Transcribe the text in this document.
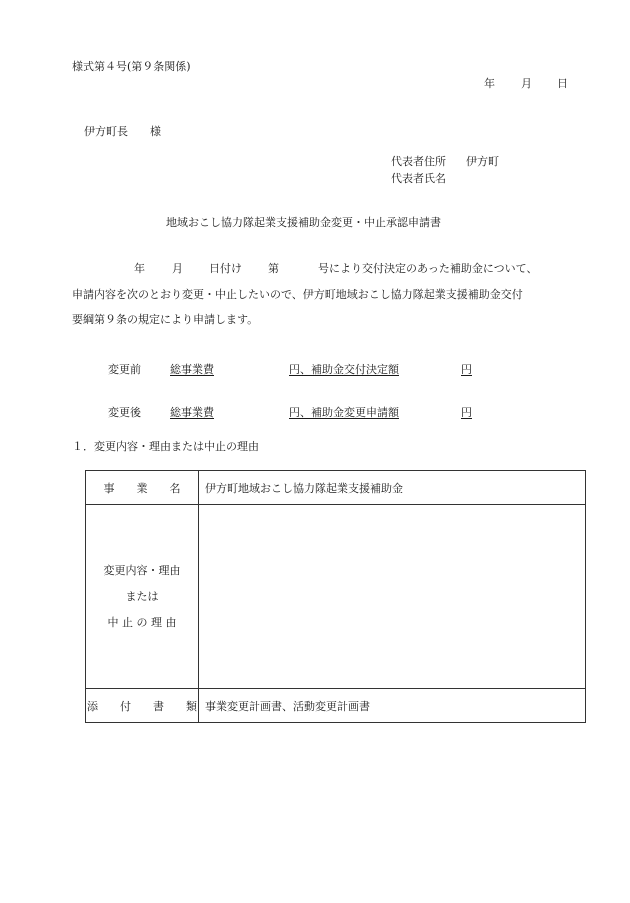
様式第４号(第９条関係)
年 月 日
伊方町長　　様
代表者住所 伊方町
代表者氏名
地域おこし協力隊起業支援補助金変更・中止承認申請書
年 月 日付け 第	号により交付決定のあった補助金について、
申請内容を次のとおり変更・中止したいので、伊方町地域おこし協力隊起業支援補助金交付
要綱第９条の規定により申請します。
変更前	総事業費	円、補助金交付決定額	円
変更後	総事業費	円、補助金変更申請額	円
１．変更内容・理由または中止の理由
事　　業　　名	伊方町地域おこし協力隊起業支援補助金

変更内容・理由
または
中 止 の 理 由	

添　　付　　書　　類	事業変更計画書、活動変更計画書
